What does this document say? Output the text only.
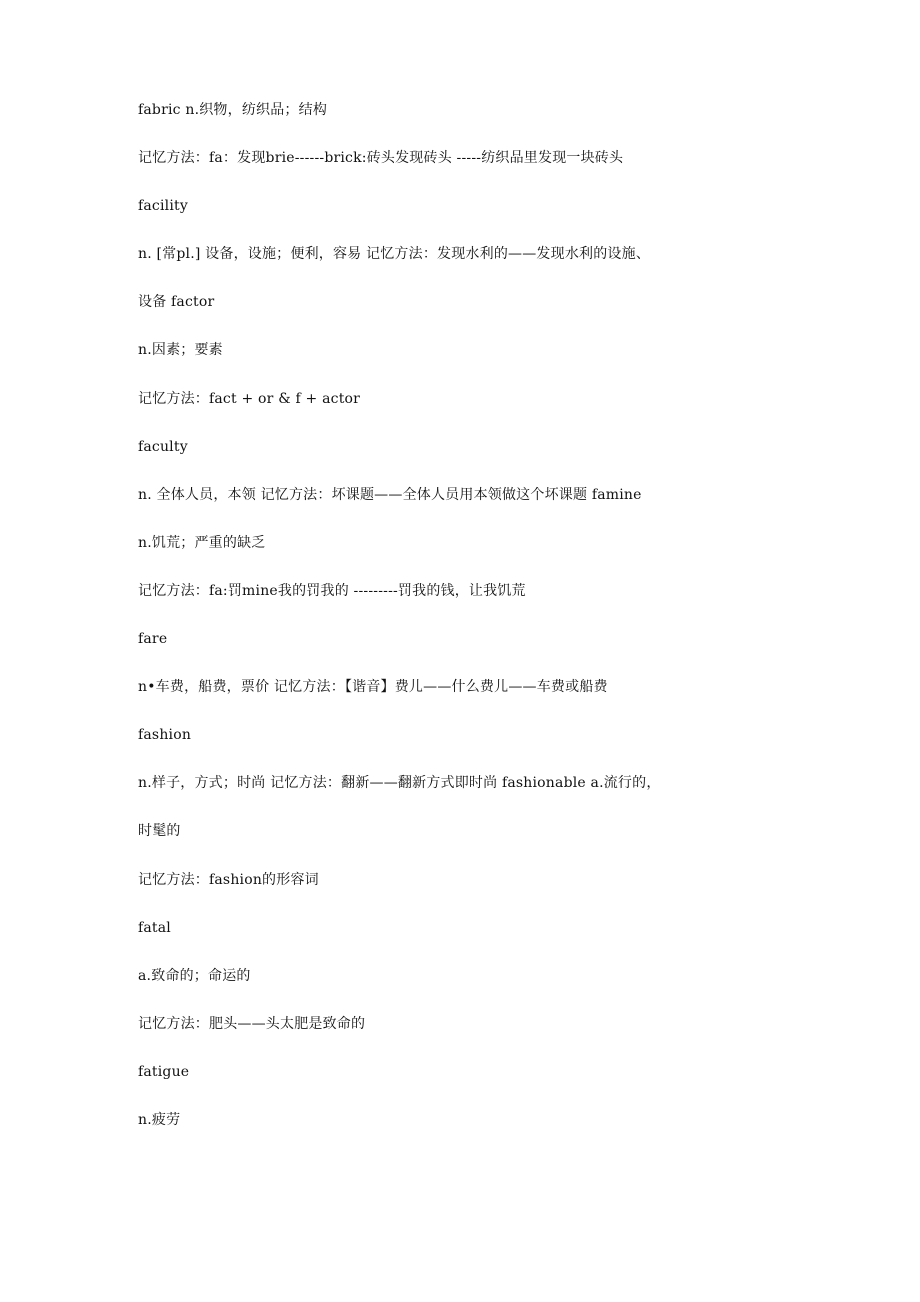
fabric n.织物，纺织品；结构
记忆方法：fa：发现brie------brick:砖头发现砖头 -----纺织品里发现一块砖头
facility
n. [常pl.] 设备，设施；便利，容易 记忆方法：发现水利的——发现水利的设施、
设备 factor
n.因素；要素
记忆方法：fact + or & f + actor
faculty
n. 全体人员，本领 记忆方法：坏课题——全体人员用本领做这个坏课题 famine
n.饥荒；严重的缺乏
记忆方法：fa:罚mine我的罚我的 ---------罚我的钱，让我饥荒
fare
n•车费，船费，票价 记忆方法：【谐音】费儿——什么费儿——车费或船费
fashion
n.样子，方式；时尚 记忆方法：翻新——翻新方式即时尚 fashionable a.流行的，
时髦的
记忆方法：fashion的形容词
fatal
a.致命的；命运的
记忆方法：肥头——头太肥是致命的
fatigue
n.疲劳
